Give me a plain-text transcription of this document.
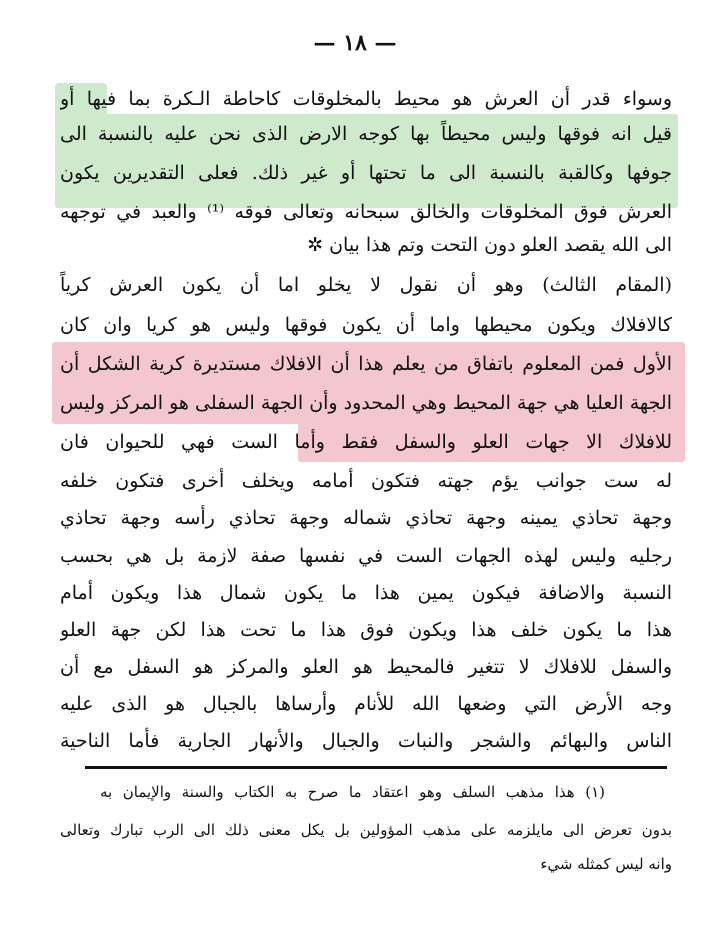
— ١٨ —
وسواء قدر أن العرش هو محيط بالمخلوقات كاحاطة الـكرة بما فيها أو
قيل انه فوقها وليس محيطاً بها كوجه الارض الذى نحن عليه بالنسبة الى
جوفها وكالقبة بالنسبة الى ما تحتها أو غير ذلك. فعلى التقديرين يكون
العرش فوق المخلوقات والخالق سبحانه وتعالى فوقه ⁽¹⁾ والعبد في توجهه
الى الله يقصد العلو دون التحت وتم هذا بيان ✲
(المقام الثالث) وهو أن نقول لا يخلو اما أن يكون العرش كرياً
كالافلاك ويكون محيطها واما أن يكون فوقها وليس هو كريا وان كان
الأول فمن المعلوم باتفاق من يعلم هذا أن الافلاك مستديرة كرية الشكل أن
الجهة العليا هي جهة المحيط وهي المحدود وأن الجهة السفلى هو المركز وليس
للافلاك الا جهات العلو والسفل فقط وأما الست فهي للحيوان فان
له ست جوانب يؤم جهته فتكون أمامه ويخلف أخرى فتكون خلفه
وجهة تحاذي يمينه وجهة تحاذي شماله وجهة تحاذي رأسه وجهة تحاذي
رجليه وليس لهذه الجهات الست في نفسها صفة لازمة بل هي بحسب
النسبة والاضافة فيكون يمين هذا ما يكون شمال هذا ويكون أمام
هذا ما يكون خلف هذا ويكون فوق هذا ما تحت هذا لكن جهة العلو
والسفل للافلاك لا تتغير فالمحيط هو العلو والمركز هو السفل مع أن
وجه الأرض التي وضعها الله للأنام وأرساها بالجبال هو الذى عليه
الناس والبهائم والشجر والنبات والجبال والأنهار الجارية فأما الناحية
(١) هذا مذهب السلف وهو اعتقاد ما صرح به الكتاب والسنة والإيمان به
بدون تعرض الى مايلزمه على مذهب المؤولين بل يكل معنى ذلك الى الرب تبارك وتعالى
وانه ليس كمثله شيء
